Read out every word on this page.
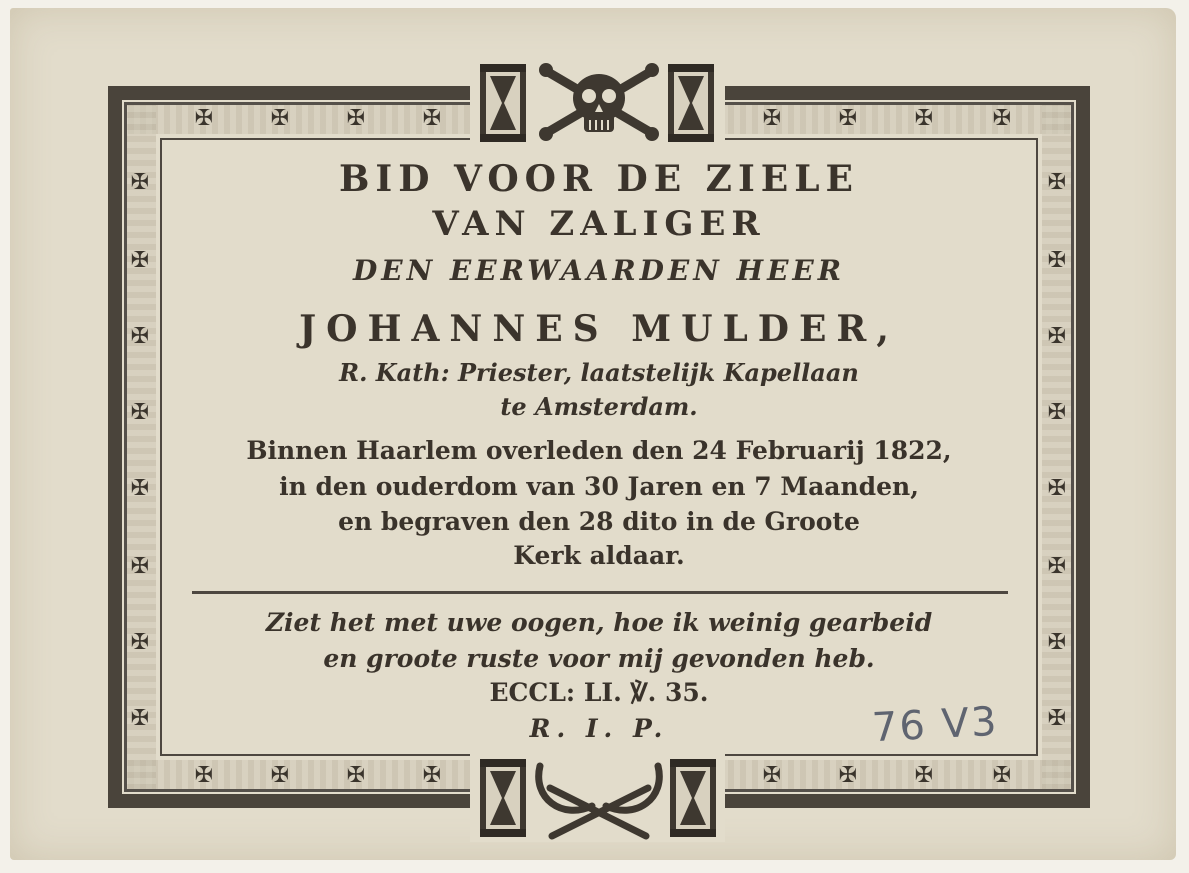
✠
✠
✠
✠
✠
✠
✠
✠
✠
✠
✠
✠
✠
✠
✠
✠
✠	✠
✠	✠
✠	✠
✠	✠
✠	✠
✠	✠
✠	✠
✠	✠
BID VOOR DE ZIELE
VAN ZALIGER
DEN EERWAARDEN HEER
JOHANNES MULDER,
R. Kath: Priester, laatstelijk Kapellaan
te Amsterdam.
Binnen Haarlem overleden den 24 Februarij 1822,
in den ouderdom van 30 Jaren en 7 Maanden,
en begraven den 28 dito in de Groote
Kerk aldaar.
Ziet het met uwe oogen, hoe ik weinig gearbeid
en groote ruste voor mij gevonden heb.
ECCL: LI. ℣. 35.
R. I. P.	76 V3
